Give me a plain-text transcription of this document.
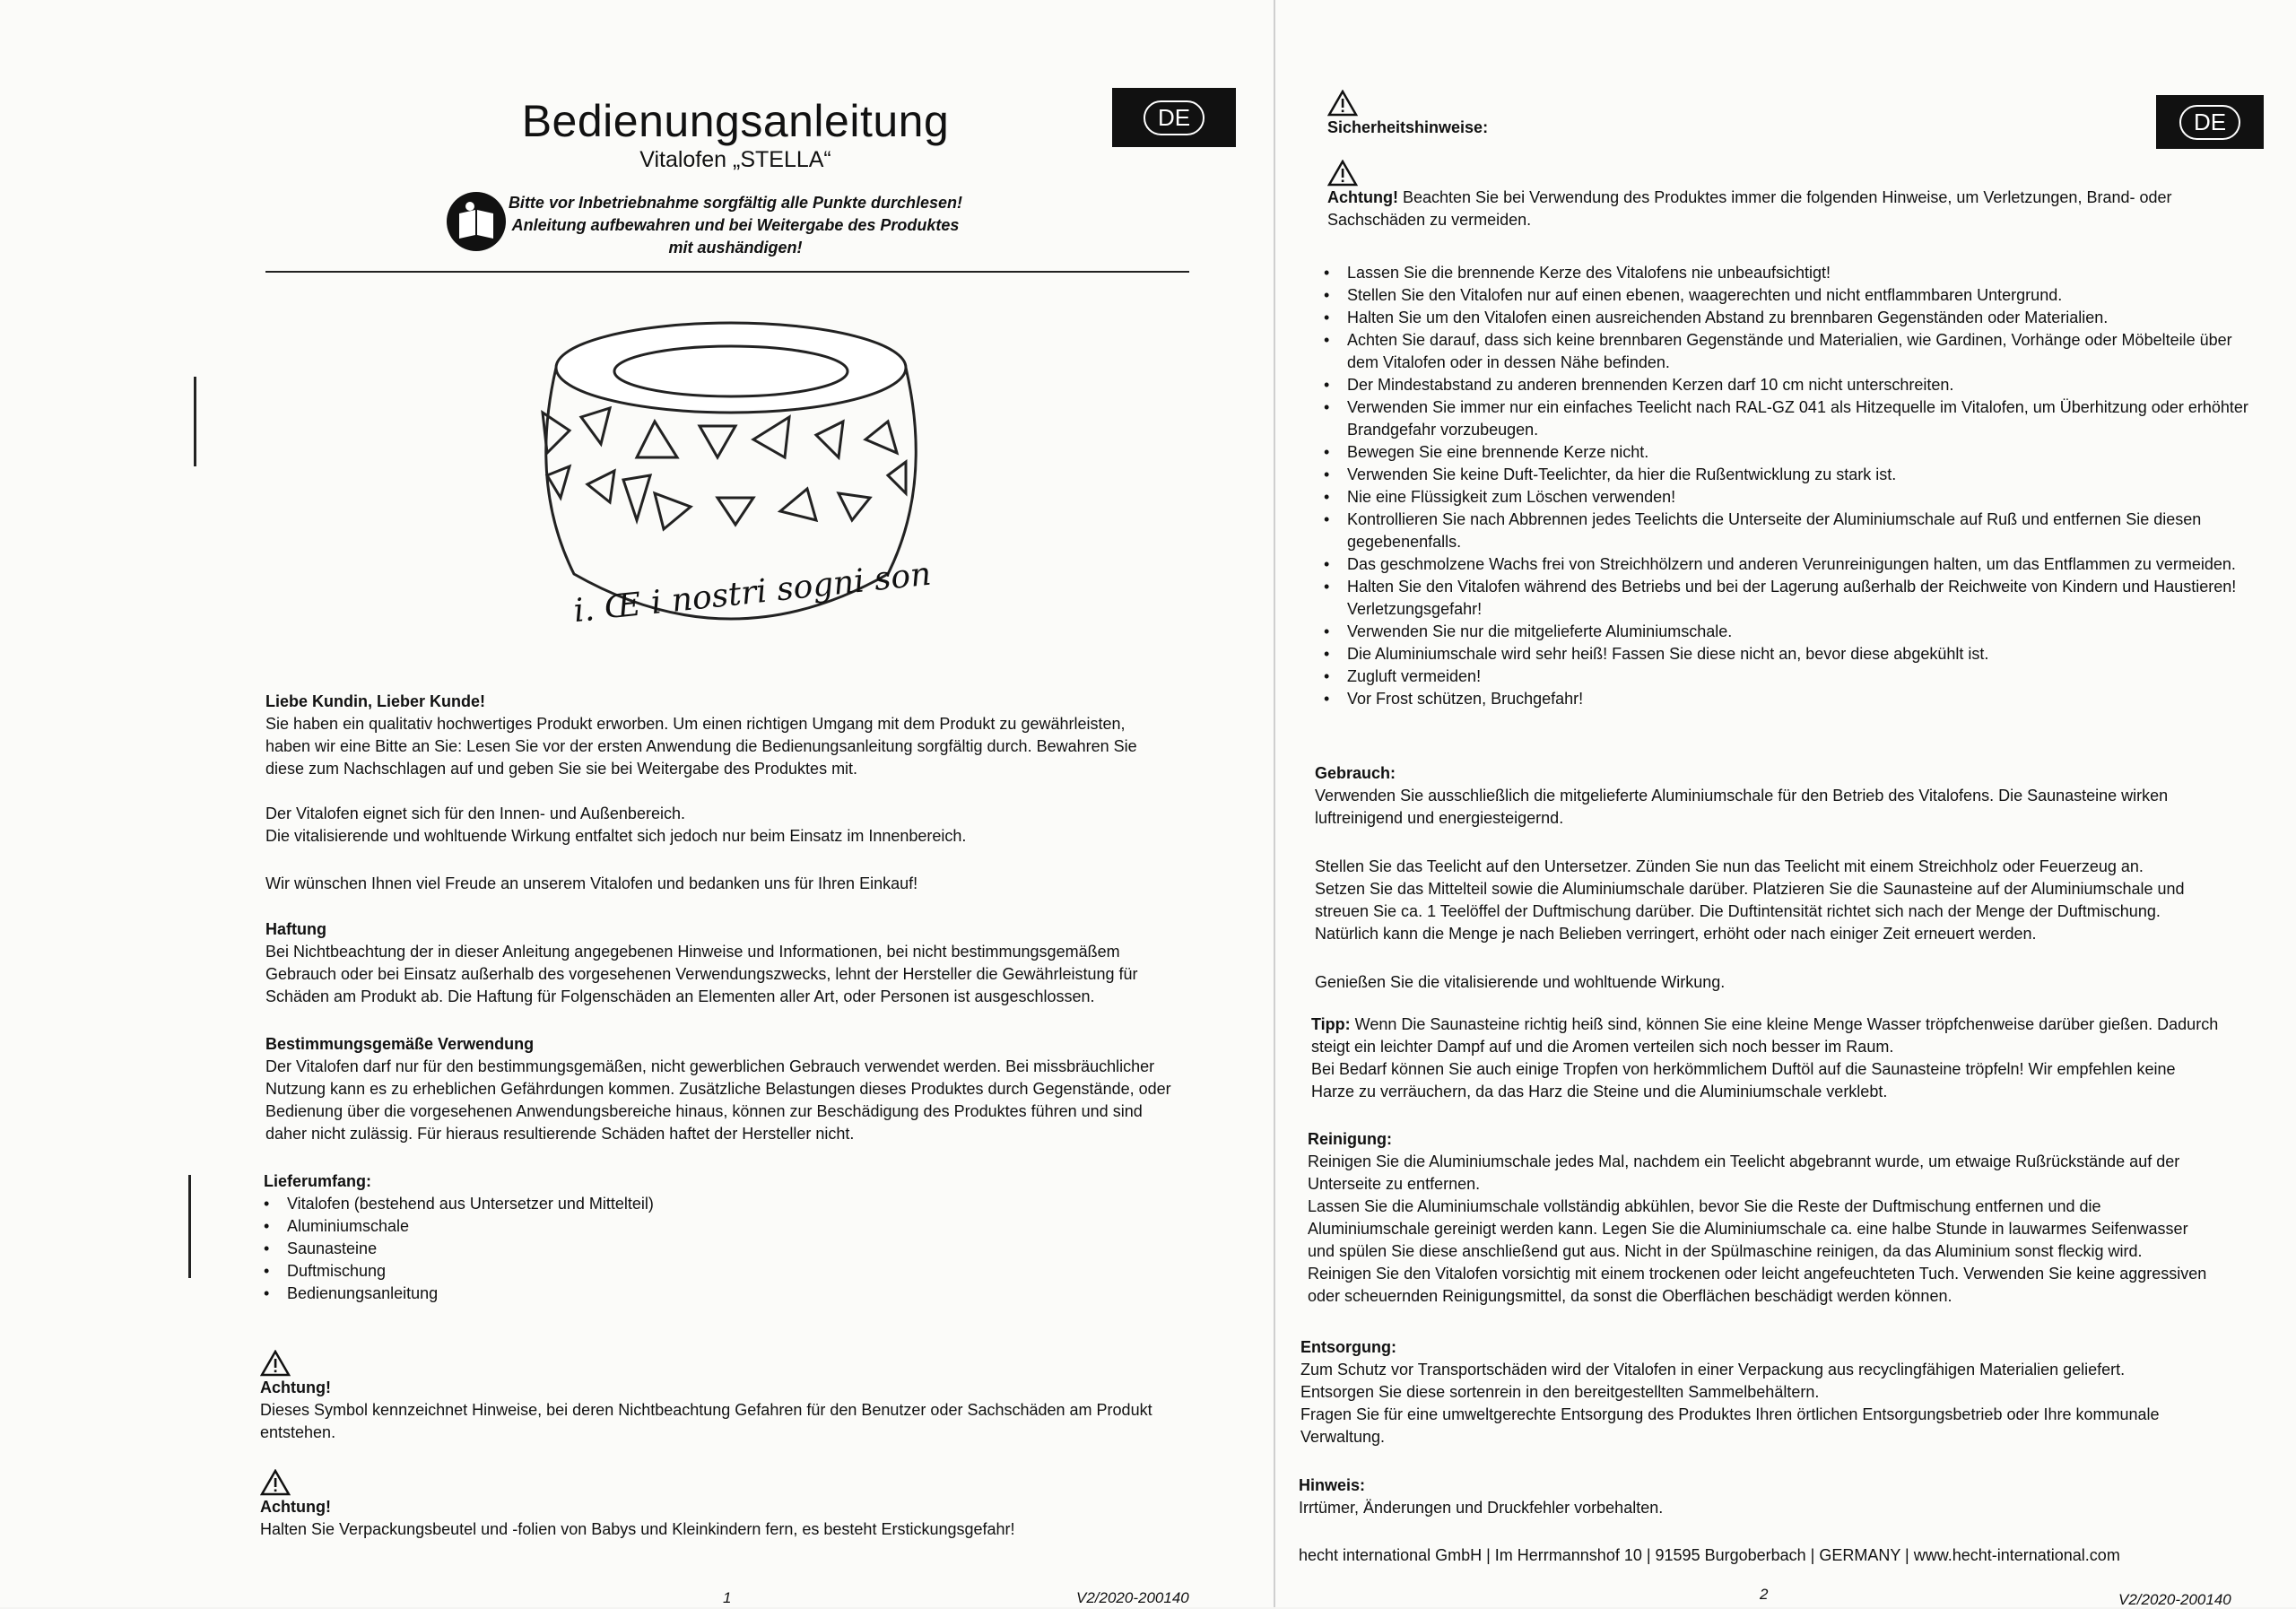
Bedienungsanleitung
Vitalofen „STELLA“
DE
Bitte vor Inbetriebnahme sorgfältig alle Punkte durchlesen!
Anleitung aufbewahren und bei Weitergabe des Produktes
mit aushändigen!
i. Œ i nostri sogni son
Liebe Kundin, Lieber Kunde!
Sie haben ein qualitativ hochwertiges Produkt erworben. Um einen richtigen Umgang mit dem Produkt zu gewährleisten,
haben wir eine Bitte an Sie: Lesen Sie vor der ersten Anwendung die Bedienungsanleitung sorgfältig durch. Bewahren Sie
diese zum Nachschlagen auf und geben Sie sie bei Weitergabe des Produktes mit.
Der Vitalofen eignet sich für den Innen- und Außenbereich.
Die vitalisierende und wohltuende Wirkung entfaltet sich jedoch nur beim Einsatz im Innenbereich.
Wir wünschen Ihnen viel Freude an unserem Vitalofen und bedanken uns für Ihren Einkauf!
Haftung
Bei Nichtbeachtung der in dieser Anleitung angegebenen Hinweise und Informationen, bei nicht bestimmungsgemäßem
Gebrauch oder bei Einsatz außerhalb des vorgesehenen Verwendungszwecks, lehnt der Hersteller die Gewährleistung für
Schäden am Produkt ab. Die Haftung für Folgenschäden an Elementen aller Art, oder Personen ist ausgeschlossen.
Bestimmungsgemäße Verwendung
Der Vitalofen darf nur für den bestimmungsgemäßen, nicht gewerblichen Gebrauch verwendet werden. Bei missbräuchlicher
Nutzung kann es zu erheblichen Gefährdungen kommen. Zusätzliche Belastungen dieses Produktes durch Gegenstände, oder
Bedienung über die vorgesehenen Anwendungsbereiche hinaus, können zur Beschädigung des Produktes führen und sind
daher nicht zulässig. Für hieraus resultierende Schäden haftet der Hersteller nicht.
Lieferumfang:
• Vitalofen (bestehend aus Untersetzer und Mittelteil)
• Aluminiumschale
• Saunasteine
• Duftmischung
• Bedienungsanleitung
Achtung!
Dieses Symbol kennzeichnet Hinweise, bei deren Nichtbeachtung Gefahren für den Benutzer oder Sachschäden am Produkt
entstehen.
Achtung!
Halten Sie Verpackungsbeutel und -folien von Babys und Kleinkindern fern, es besteht Erstickungsgefahr!
1	V2/2020-200140
DE
Sicherheitshinweise:
Achtung! Beachten Sie bei Verwendung des Produktes immer die folgenden Hinweise, um Verletzungen, Brand- oder
Sachschäden zu vermeiden.
• Lassen Sie die brennende Kerze des Vitalofens nie unbeaufsichtigt!
• Stellen Sie den Vitalofen nur auf einen ebenen, waagerechten und nicht entflammbaren Untergrund.
• Halten Sie um den Vitalofen einen ausreichenden Abstand zu brennbaren Gegenständen oder Materialien.
• Achten Sie darauf, dass sich keine brennbaren Gegenstände und Materialien, wie Gardinen, Vorhänge oder Möbelteile über dem Vitalofen oder in dessen Nähe befinden.
• Der Mindestabstand zu anderen brennenden Kerzen darf 10 cm nicht unterschreiten.
• Verwenden Sie immer nur ein einfaches Teelicht nach RAL-GZ 041 als Hitzequelle im Vitalofen, um Überhitzung oder erhöhter Brandgefahr vorzubeugen.
• Bewegen Sie eine brennende Kerze nicht.
• Verwenden Sie keine Duft-Teelichter, da hier die Rußentwicklung zu stark ist.
• Nie eine Flüssigkeit zum Löschen verwenden!
• Kontrollieren Sie nach Abbrennen jedes Teelichts die Unterseite der Aluminiumschale auf Ruß und entfernen Sie diesen gegebenenfalls.
• Das geschmolzene Wachs frei von Streichhölzern und anderen Verunreinigungen halten, um das Entflammen zu vermeiden.
• Halten Sie den Vitalofen während des Betriebs und bei der Lagerung außerhalb der Reichweite von Kindern und Haustieren! Verletzungsgefahr!
• Verwenden Sie nur die mitgelieferte Aluminiumschale.
• Die Aluminiumschale wird sehr heiß! Fassen Sie diese nicht an, bevor diese abgekühlt ist.
• Zugluft vermeiden!
• Vor Frost schützen, Bruchgefahr!
Gebrauch:
Verwenden Sie ausschließlich die mitgelieferte Aluminiumschale für den Betrieb des Vitalofens. Die Saunasteine wirken
luftreinigend und energiesteigernd.
Stellen Sie das Teelicht auf den Untersetzer. Zünden Sie nun das Teelicht mit einem Streichholz oder Feuerzeug an.
Setzen Sie das Mittelteil sowie die Aluminiumschale darüber. Platzieren Sie die Saunasteine auf der Aluminiumschale und
streuen Sie ca. 1 Teelöffel der Duftmischung darüber. Die Duftintensität richtet sich nach der Menge der Duftmischung.
Natürlich kann die Menge je nach Belieben verringert, erhöht oder nach einiger Zeit erneuert werden.
Genießen Sie die vitalisierende und wohltuende Wirkung.
Tipp: Wenn Die Saunasteine richtig heiß sind, können Sie eine kleine Menge Wasser tröpfchenweise darüber gießen. Dadurch
steigt ein leichter Dampf auf und die Aromen verteilen sich noch besser im Raum.
Bei Bedarf können Sie auch einige Tropfen von herkömmlichem Duftöl auf die Saunasteine tröpfeln! Wir empfehlen keine
Harze zu verräuchern, da das Harz die Steine und die Aluminiumschale verklebt.
Reinigung:
Reinigen Sie die Aluminiumschale jedes Mal, nachdem ein Teelicht abgebrannt wurde, um etwaige Rußrückstände auf der
Unterseite zu entfernen.
Lassen Sie die Aluminiumschale vollständig abkühlen, bevor Sie die Reste der Duftmischung entfernen und die
Aluminiumschale gereinigt werden kann. Legen Sie die Aluminiumschale ca. eine halbe Stunde in lauwarmes Seifenwasser
und spülen Sie diese anschließend gut aus. Nicht in der Spülmaschine reinigen, da das Aluminium sonst fleckig wird.
Reinigen Sie den Vitalofen vorsichtig mit einem trockenen oder leicht angefeuchteten Tuch. Verwenden Sie keine aggressiven
oder scheuernden Reinigungsmittel, da sonst die Oberflächen beschädigt werden können.
Entsorgung:
Zum Schutz vor Transportschäden wird der Vitalofen in einer Verpackung aus recyclingfähigen Materialien geliefert.
Entsorgen Sie diese sortenrein in den bereitgestellten Sammelbehältern.
Fragen Sie für eine umweltgerechte Entsorgung des Produktes Ihren örtlichen Entsorgungsbetrieb oder Ihre kommunale
Verwaltung.
Hinweis:
Irrtümer, Änderungen und Druckfehler vorbehalten.
hecht international GmbH | Im Herrmannshof 10 | 91595 Burgoberbach | GERMANY | www.hecht-international.com
2	V2/2020-200140
